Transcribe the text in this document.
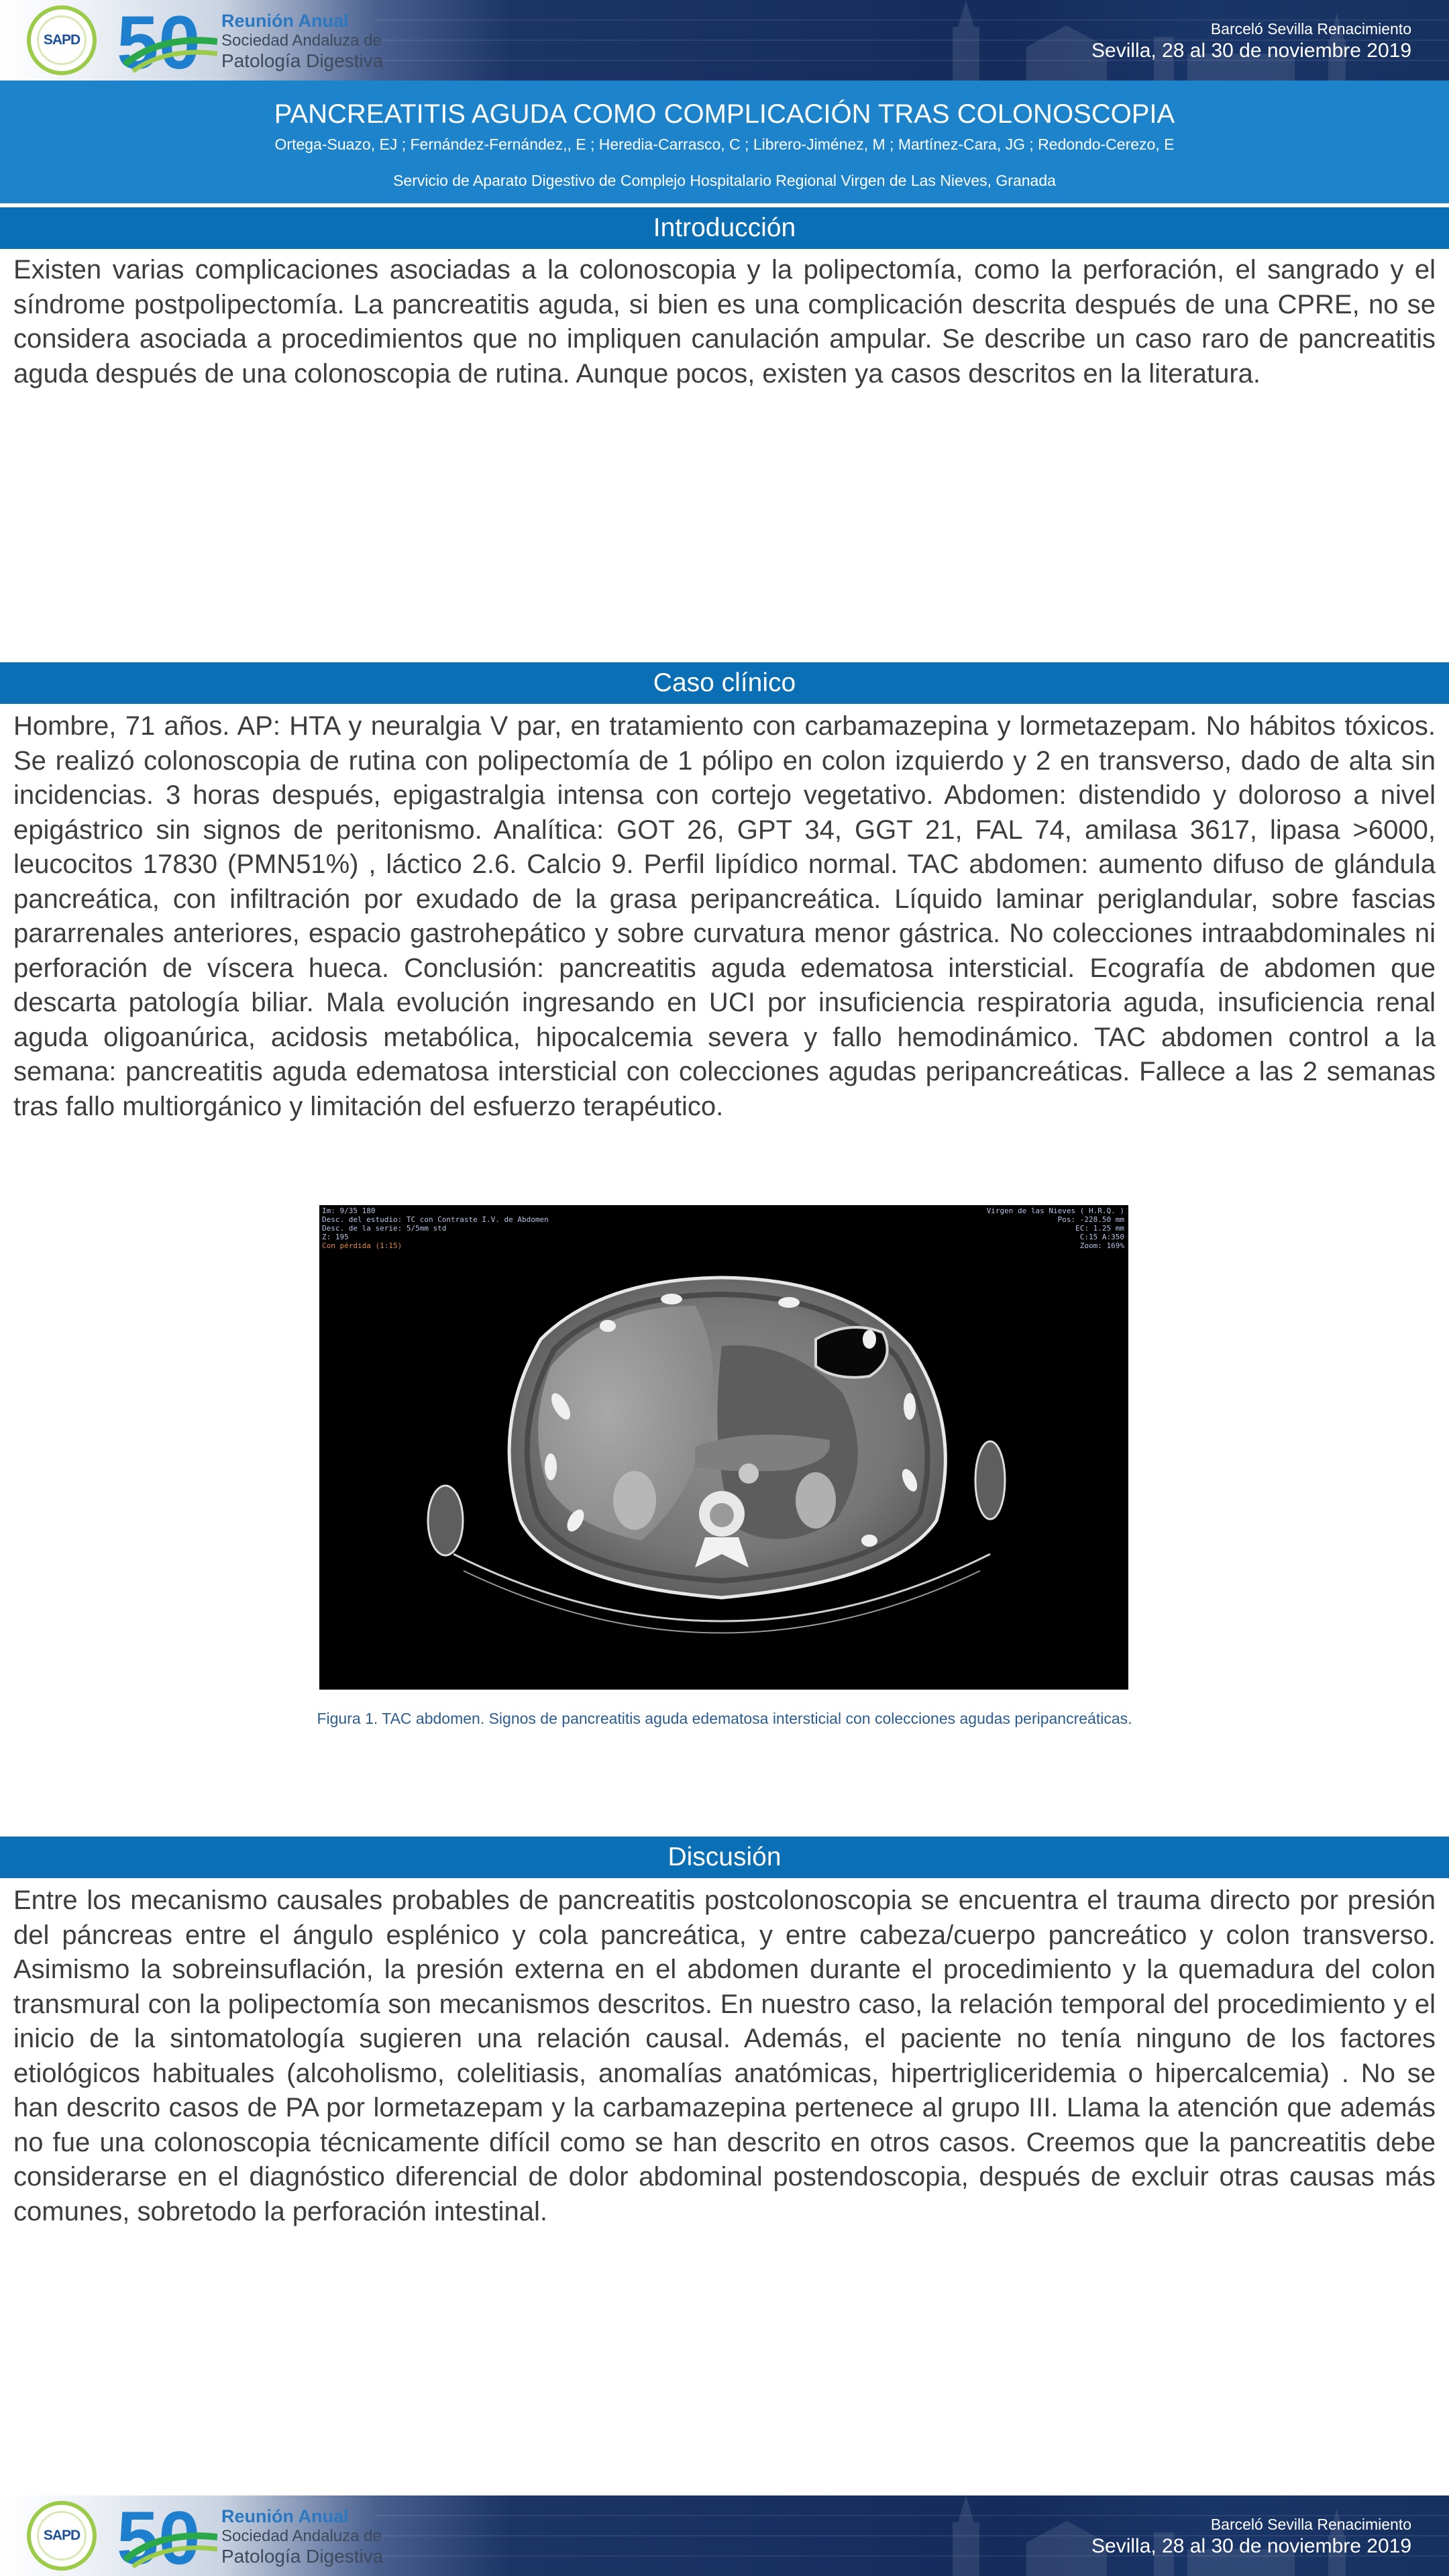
SAPD 50 Reunión Anual
Sociedad Andaluza de
Patología Digestiva
Barceló Sevilla Renacimiento
Sevilla, 28 al 30 de noviembre 2019
PANCREATITIS AGUDA COMO COMPLICACIÓN TRAS COLONOSCOPIA
Ortega-Suazo, EJ ; Fernández-Fernández,, E ; Heredia-Carrasco, C ; Librero-Jiménez, M ; Martínez-Cara, JG ; Redondo-Cerezo, E
Servicio de Aparato Digestivo de Complejo Hospitalario Regional Virgen de Las Nieves, Granada
Introducción

Existen varias complicaciones asociadas a la colonoscopia y la polipectomía, como la perforación, el sangrado y el síndrome postpolipectomía. La pancreatitis aguda, si bien es una complicación descrita después de una CPRE, no se considera asociada a procedimientos que no impliquen canulación ampular. Se describe un caso raro de pancreatitis aguda después de una colonoscopia de rutina. Aunque pocos, existen ya casos descritos en la literatura.

Caso clínico

Hombre, 71 años. AP: HTA y neuralgia V par, en tratamiento con carbamazepina y lormetazepam. No hábitos tóxicos. Se realizó colonoscopia de rutina con polipectomía de 1 pólipo en colon izquierdo y 2 en transverso, dado de alta sin incidencias. 3 horas después, epigastralgia intensa con cortejo vegetativo. Abdomen: distendido y doloroso a nivel epigástrico sin signos de peritonismo. Analítica: GOT 26, GPT 34, GGT 21, FAL 74, amilasa 3617, lipasa >6000, leucocitos 17830 (PMN51%) , láctico 2.6. Calcio 9. Perfil lipídico normal. TAC abdomen: aumento difuso de glándula pancreática, con infiltración por exudado de la grasa peripancreática. Líquido laminar periglandular, sobre fascias pararrenales anteriores, espacio gastrohepático y sobre curvatura menor gástrica. No colecciones intraabdominales ni perforación de víscera hueca. Conclusión: pancreatitis aguda edematosa intersticial. Ecografía de abdomen que descarta patología biliar. Mala evolución ingresando en UCI por insuficiencia respiratoria aguda, insuficiencia renal aguda oligoanúrica, acidosis metabólica, hipocalcemia severa y fallo hemodinámico. TAC abdomen control a la semana: pancreatitis aguda edematosa intersticial con colecciones agudas peripancreáticas. Fallece a las 2 semanas tras fallo multiorgánico y limitación del esfuerzo terapéutico.

Im: 9/35 180
Desc. del estudio: TC con Contraste I.V. de Abdomen
Desc. de la serie: 5/5mm std
Z: 195
Con pérdida (1:15)
Virgen de las Nieves ( H.R.Q. )
Pos: -228.50 mm
EC: 1.25 mm
C:15 A:350
Zoom: 169%
Figura 1. TAC abdomen. Signos de pancreatitis aguda edematosa intersticial con colecciones agudas peripancreáticas.
Discusión

Entre los mecanismo causales probables de pancreatitis postcolonoscopia se encuentra el trauma directo por presión del páncreas entre el ángulo esplénico y cola pancreática, y entre cabeza/cuerpo pancreático y colon transverso. Asimismo la sobreinsuflación, la presión externa en el abdomen durante el procedimiento y la quemadura del colon transmural con la polipectomía son mecanismos descritos. En nuestro caso, la relación temporal del procedimiento y el inicio de la sintomatología sugieren una relación causal. Además, el paciente no tenía ninguno de los factores etiológicos habituales (alcoholismo, colelitiasis, anomalías anatómicas, hipertrigliceridemia o hipercalcemia) . No se han descrito casos de PA por lormetazepam y la carbamazepina pertenece al grupo III. Llama la atención que además no fue una colonoscopia técnicamente difícil como se han descrito en otros casos. Creemos que la pancreatitis debe considerarse en el diagnóstico diferencial de dolor abdominal postendoscopia, después de excluir otras causas más comunes, sobretodo la perforación intestinal.

SAPD 50 Reunión Anual
Sociedad Andaluza de
Patología Digestiva
Barceló Sevilla Renacimiento
Sevilla, 28 al 30 de noviembre 2019
